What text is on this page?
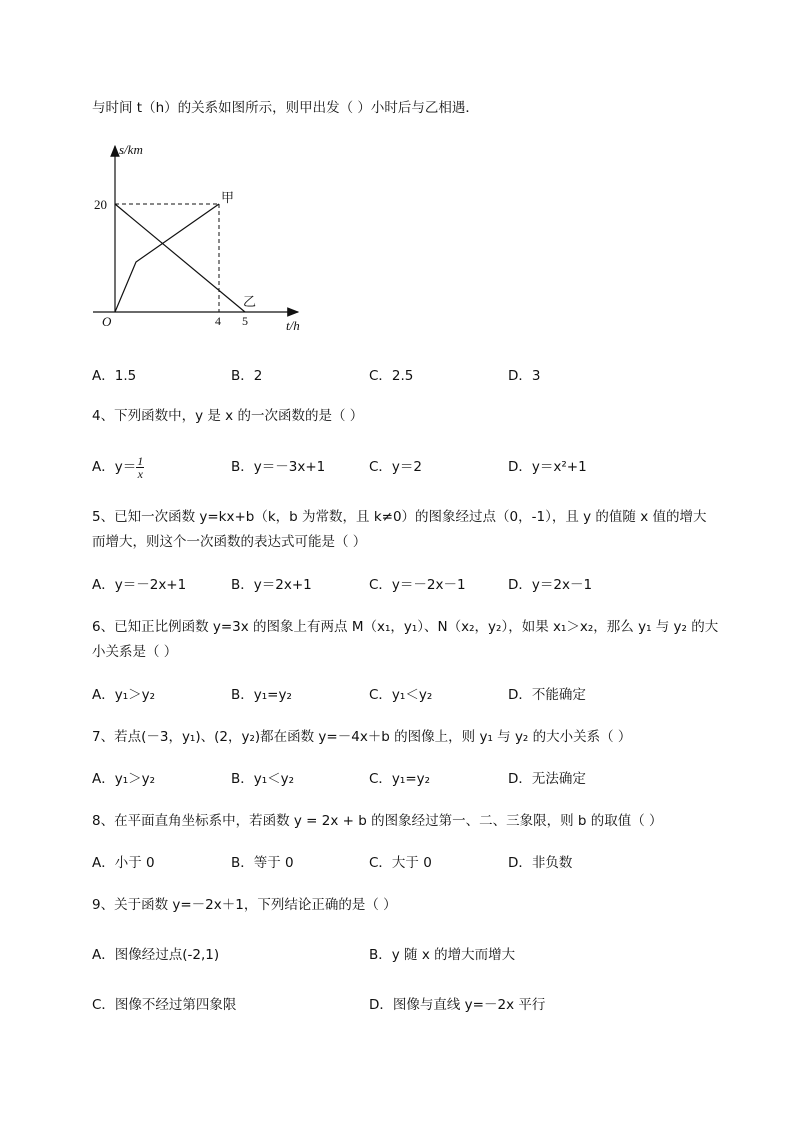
与时间 t（h）的关系如图所示，则甲出发（ ）小时后与乙相遇．
s/km
20
O	4 5	t/h
甲
乙
A．1.5	B．2	C．2.5	D．3
4、下列函数中，y 是 x 的一次函数的是（ ）
A．$y= \frac{1}{x}$	B．y＝－3x+1	C．y＝2	D．y＝x²+1
5、已知一次函数 y=kx+b（k，b 为常数，且 k≠0）的图象经过点（0，-1），且 y 的值随 x 值的增大
而增大，则这个一次函数的表达式可能是（ ）
A．y＝－2x+1	B．y＝2x+1	C．y＝－2x－1	D．y＝2x－1
6、已知正比例函数 y=3x 的图象上有两点 M（x₁，y₁）、N（x₂，y₂），如果 x₁＞x₂，那么 y₁ 与 y₂ 的大
小关系是（ ）
A．y₁＞y₂	B．y₁=y₂	C．y₁＜y₂	D．不能确定
7、若点(－3，y₁)、(2，y₂)都在函数 y=－4x＋b 的图像上，则 y₁ 与 y₂ 的大小关系（ ）
A．y₁＞y₂	B．y₁＜y₂	C．y₁=y₂	D．无法确定
8、在平面直角坐标系中，若函数 y = 2x + b 的图象经过第一、二、三象限，则 b 的取值（ ）
A．小于 0	B．等于 0	C．大于 0	D．非负数
9、关于函数 y=－2x＋1，下列结论正确的是（ ）
A．图像经过点(-2,1)	B．y 随 x 的增大而增大
C．图像不经过第四象限	D．图像与直线 y=－2x 平行
